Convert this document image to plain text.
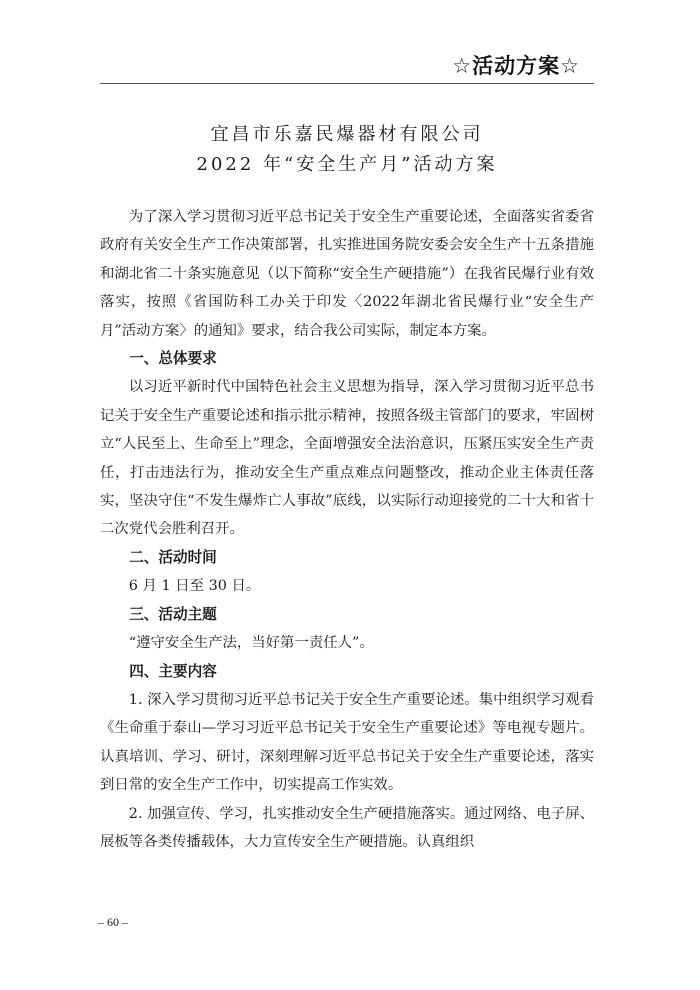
☆活动方案☆
宜昌市乐嘉民爆器材有限公司
2022 年“安全生产月”活动方案

为了深入学习贯彻习近平总书记关于安全生产重要论述，全面落实省委省政府有关安全生产工作决策部署，扎实推进国务院安委会安全生产十五条措施和湖北省二十条实施意见（以下简称“安全生产硬措施”）在我省民爆行业有效落实，按照《省国防科工办关于印发〈2022年湖北省民爆行业“安全生产月”活动方案〉的通知》要求，结合我公司实际，制定本方案。

一、总体要求

以习近平新时代中国特色社会主义思想为指导，深入学习贯彻习近平总书记关于安全生产重要论述和指示批示精神，按照各级主管部门的要求，牢固树立“人民至上、生命至上”理念，全面增强安全法治意识，压紧压实安全生产责任，打击违法行为，推动安全生产重点难点问题整改，推动企业主体责任落实，坚决守住“不发生爆炸亡人事故”底线，以实际行动迎接党的二十大和省十二次党代会胜利召开。

二、活动时间

6 月 1 日至 30 日。

三、活动主题

“遵守安全生产法，当好第一责任人”。

四、主要内容

1. 深入学习贯彻习近平总书记关于安全生产重要论述。集中组织学习观看《生命重于泰山—学习习近平总书记关于安全生产重要论述》等电视专题片。认真培训、学习、研讨，深刻理解习近平总书记关于安全生产重要论述，落实到日常的安全生产工作中，切实提高工作实效。

2. 加强宣传、学习，扎实推动安全生产硬措施落实。通过网络、电子屏、展板等各类传播载体，大力宣传安全生产硬措施。认真组织

– 60 –
